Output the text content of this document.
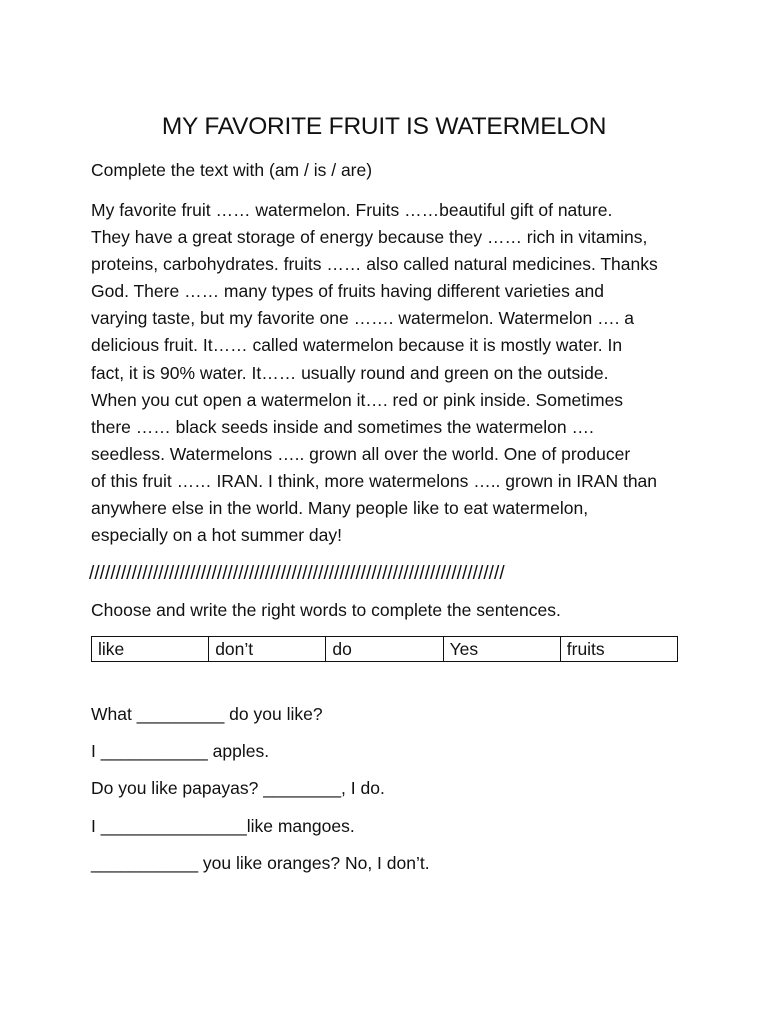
MY FAVORITE FRUIT IS WATERMELON

Complete the text with (am / is / are)

My favorite fruit …… watermelon. Fruits ……beautiful gift of nature.
They have a great storage of energy because they …… rich in vitamins,
proteins, carbohydrates. fruits …… also called natural medicines. Thanks
God. There …… many types of fruits having different varieties and
varying taste, but my favorite one ……. watermelon. Watermelon …. a
delicious fruit. It…… called watermelon because it is mostly water. In
fact, it is 90% water. It…… usually round and green on the outside.
When you cut open a watermelon it…. red or pink inside. Sometimes
there …… black seeds inside and sometimes the watermelon ….
seedless. Watermelons ….. grown all over the world. One of producer
of this fruit …… IRAN. I think, more watermelons ….. grown in IRAN than
anywhere else in the world. Many people like to eat watermelon,
especially on a hot summer day!
//////////////////////////////////////////////////////////////////////////////

Choose and write the right words to complete the sentences.

like	don’t	do	Yes	fruits

What _________ do you like?

I ___________ apples.

Do you like papayas? ________, I do.

I _______________like mangoes.

___________ you like oranges? No, I don’t.
